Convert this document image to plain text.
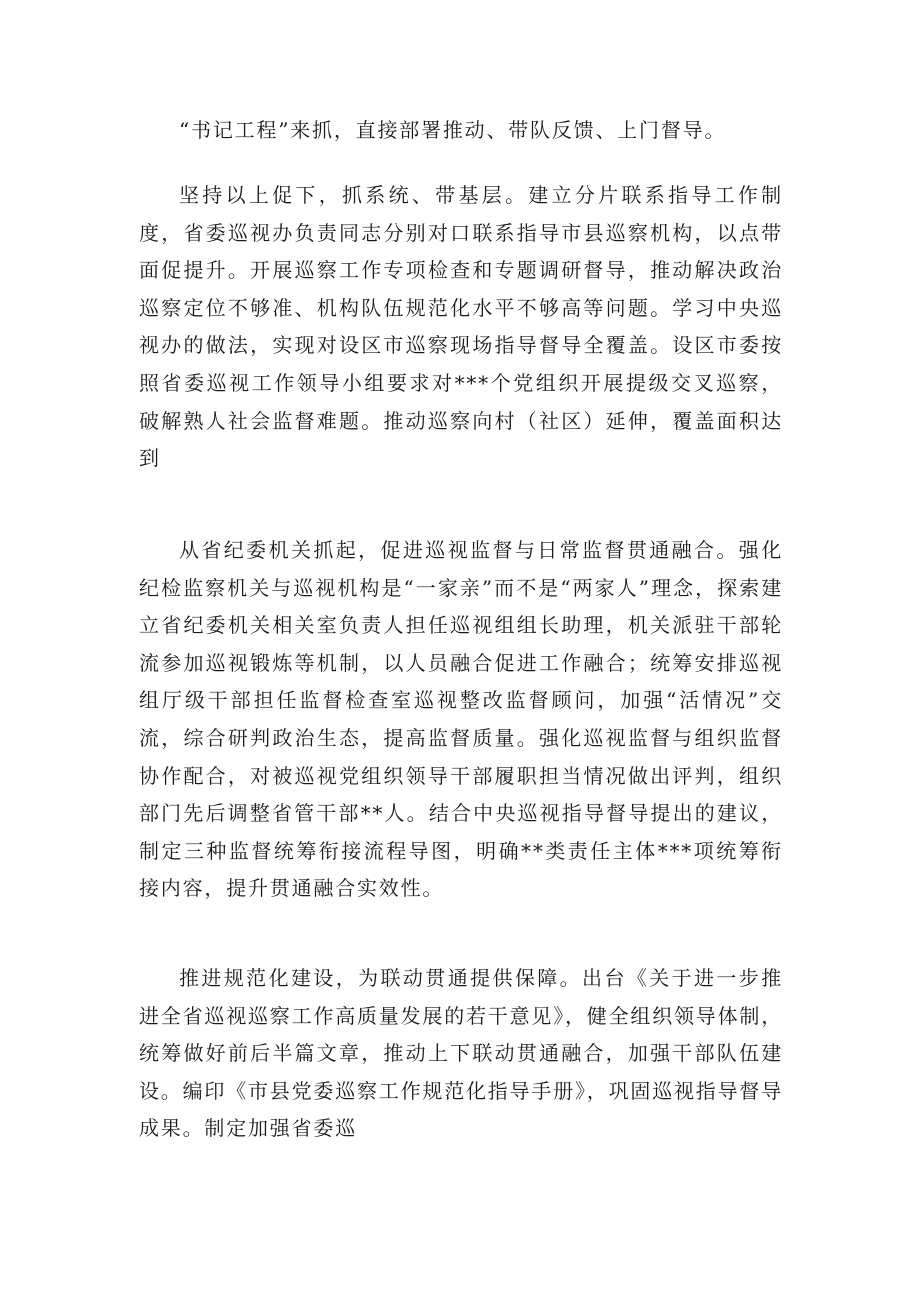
“书记工程”来抓，直接部署推动、带队反馈、上门督导。

坚持以上促下，抓系统、带基层。建立分片联系指导工作制度，省委巡视办负责同志分别对口联系指导市县巡察机构，以点带面促提升。开展巡察工作专项检查和专题调研督导，推动解决政治巡察定位不够准、机构队伍规范化水平不够高等问题。学习中央巡视办的做法，实现对设区市巡察现场指导督导全覆盖。设区市委按照省委巡视工作领导小组要求对***个党组织开展提级交叉巡察，破解熟人社会监督难题。推动巡察向村（社区）延伸，覆盖面积达到

从省纪委机关抓起，促进巡视监督与日常监督贯通融合。强化纪检监察机关与巡视机构是“一家亲”而不是“两家人”理念，探索建立省纪委机关相关室负责人担任巡视组组长助理，机关派驻干部轮流参加巡视锻炼等机制，以人员融合促进工作融合；统筹安排巡视组厅级干部担任监督检查室巡视整改监督顾问，加强“活情况”交流，综合研判政治生态，提高监督质量。强化巡视监督与组织监督协作配合，对被巡视党组织领导干部履职担当情况做出评判，组织部门先后调整省管干部**人。结合中央巡视指导督导提出的建议，制定三种监督统筹衔接流程导图，明确**类责任主体***项统筹衔接内容，提升贯通融合实效性。

推进规范化建设，为联动贯通提供保障。出台《关于进一步推进全省巡视巡察工作高质量发展的若干意见》，健全组织领导体制，统筹做好前后半篇文章，推动上下联动贯通融合，加强干部队伍建设。编印《市县党委巡察工作规范化指导手册》，巩固巡视指导督导成果。制定加强省委巡
